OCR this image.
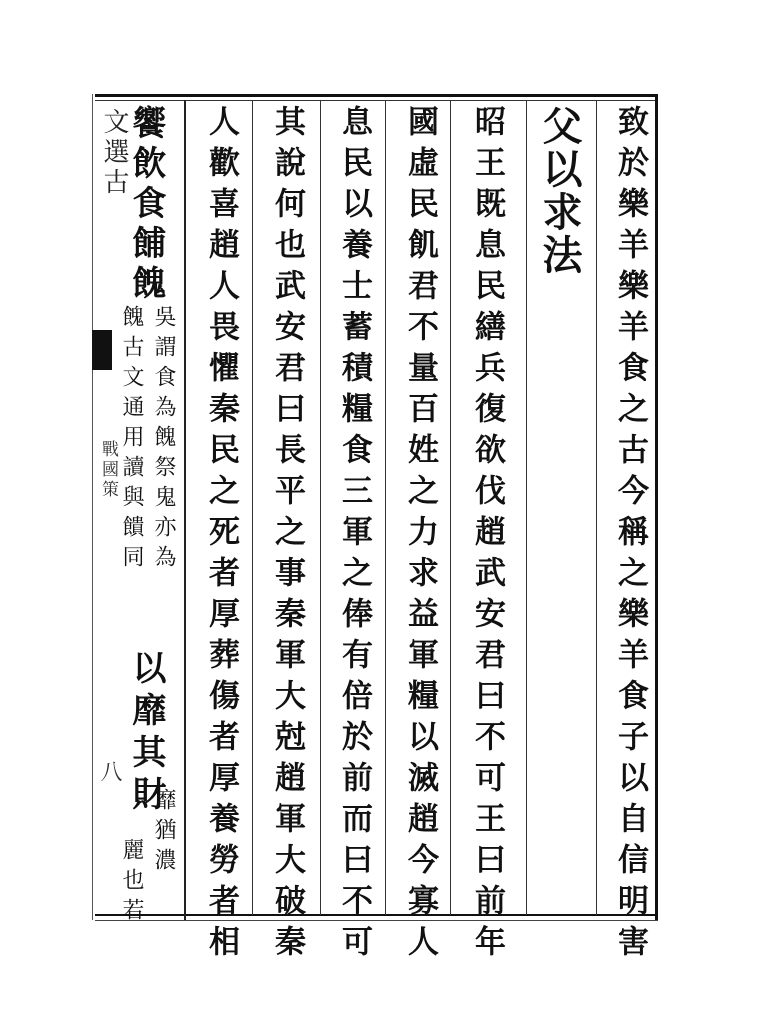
文選古
戰國策
八	致於樂羊樂羊食之古今稱之樂羊食子以自信明害
父以求法
昭王既息民繕兵復欲伐趙武安君曰不可王曰前年
國虛民飢君不量百姓之力求益軍糧以滅趙今寡人
息民以養士蓄積糧食三軍之俸有倍於前而曰不可
其說何也武安君曰長平之事秦軍大尅趙軍大破秦
人歡喜趙人畏懼秦民之死者厚葬傷者厚養勞者相
饗飲食餔餽
吳謂食為餽祭鬼亦為
餽古文通用讀與饋同
以靡其財
靡猶濃
麗也若
